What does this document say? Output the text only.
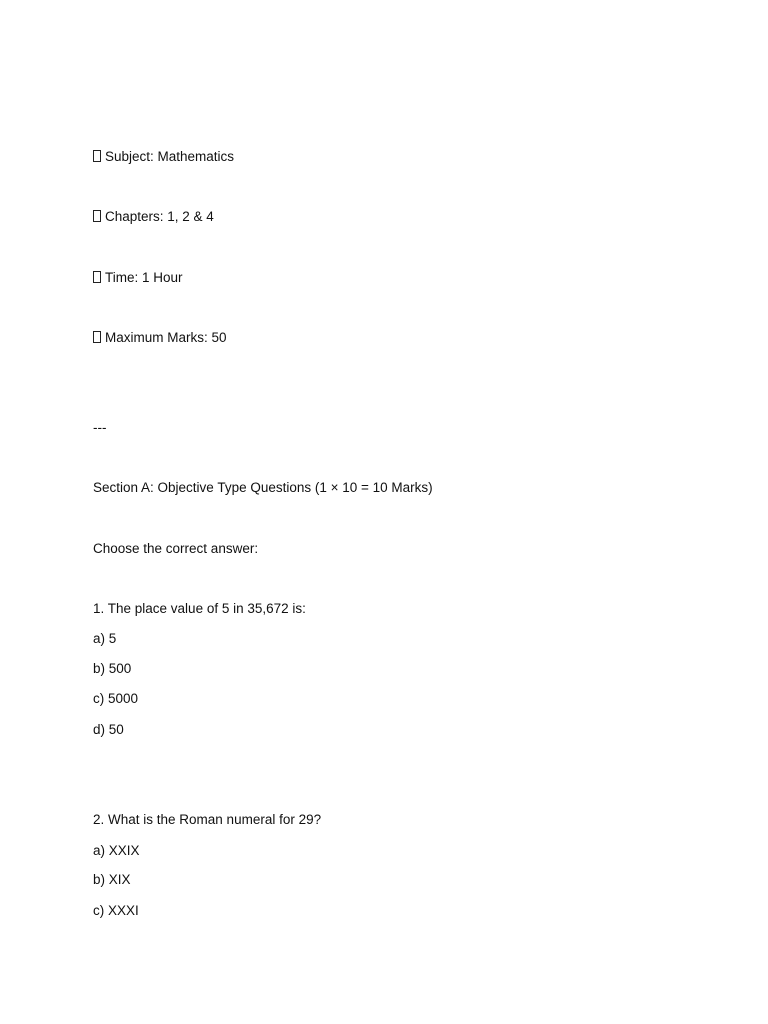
Subject: Mathematics
Chapters: 1, 2 & 4
Time: 1 Hour
Maximum Marks: 50
---
Section A: Objective Type Questions (1 × 10 = 10 Marks)
Choose the correct answer:
1. The place value of 5 in 35,672 is:
a) 5
b) 500
c) 5000
d) 50
2. What is the Roman numeral for 29?
a) XXIX
b) XIX
c) XXXI
